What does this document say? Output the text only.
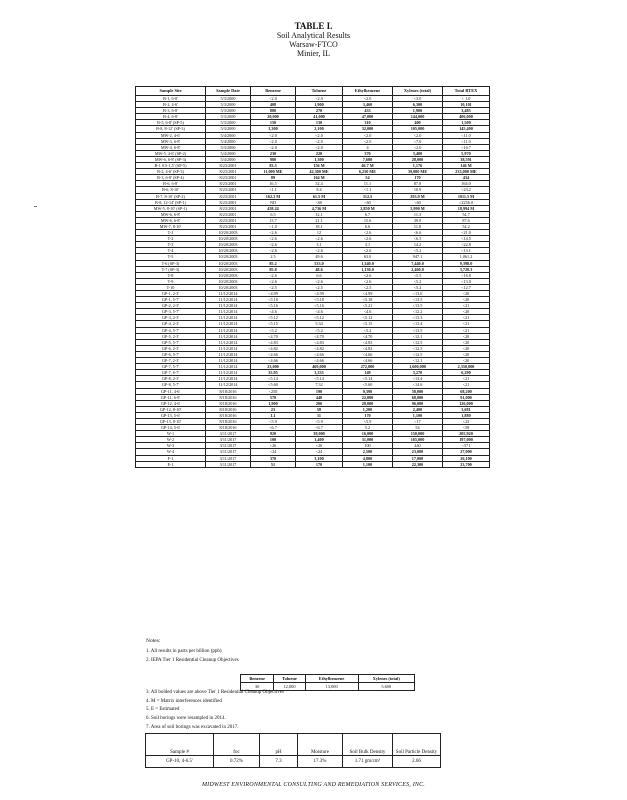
TABLE I.
Soil Analytical Results
Warsaw-FTCO
Minier, IL
Sample Site	Sample Date	Benzene	Toluene	Ethylbenzene	Xylenes (total)	Total BTEX
B-1, 6-8'	5/3/2000	<2.0	<2.0	<2.0	<3.0	< 1.0
B-2, 4-6'	5/3/2000	408	1,900	3,460	6,300	10,101
B-3, 6-8'	5/3/2000	880	270	433	1,900	3,485
B-4, 6-8'	5/3/2000	20,000	41,000	47,000	144,000	406,000
B-5, 6-8' (SP-5)	5/3/2000	150	130	310	400	1,500
B-8, 8-12' (SP-3)	5/3/2000	3,300	2,100	32,000	105,000	145,400
MW-2, 4-6'	5/4/2000	<2.0	<2.0	<2.0	<2.0	<11.0
MW-3, 6-8'	5/4/2000	<2.0	<2.0	<2.0	<7.0	<11.0
MW-4, 6-8'	5/3/2000	<2.0	<2.0	4	<2.0	<16.7
MW-5, 4-6' (SP-2)	5/4/2000	230	220	370	3,400	5,970
MW-6, 6-8' (SP-3)	5/4/2000	980	1,300	7,600	28,000	38,591
B-1 0.5-1.5' (SP-5)	8/23/2001	83.5	156 M	46.7 M	1,176	146 M
B-2, 4-6' (SP-3)	8/23/2001	11,000 ME	42,300 ME	6,250 ME	39,000 ME	233,000 ME
B-3, 6-8' (SP-4)	8/23/2001	89	164 M	54	170	434
B-6, 6-8'	8/23/2001	16.5	52.4	11.1	87.8	164.0
B-6, 8-10'	8/23/2001	<1.1	8.4	<1.1	10.9	<23.2
B-7, 8-10' (SP-2)	8/23/2001	162.3 M	61.5 M	312.5	293.9 M	1011.5 M
B-8, 12-14' (SP-1)	8/23/2001	ND	<60	<60	<60	<2256.0
MW-5, 8-10' (SP-1)	8/23/2001	458.24	4,736 M	2,850 M	5,990 M	18,994 M
MW-6, 6-8'	8/23/2001	6.5	12.1	6.7	11.3	54.7
MW-6, 6-8'	8/23/2001	13.7	21.1	15.6	39.0	87.6
MW-7, 8-10'	8/23/2001	<1.0	18.1	6.6	11.8	54.2
T-1	10/20/2003	<2.6	12	<2.6	<6.6	<21.0
T-2	10/20/2003	<2.6	<2.6	<2.6	<6.5	<14.5
T-3	10/20/2003	<2.6	3.1	3.1	14.2	<22.8
T-4	10/20/2003	<2.6	<2.6	<2.6	<5.2	<13.1
T-5	10/20/2003	2.5	49.6	63.0	947.1	1,061.2
T-6 (SP-3)	10/20/2003	85.2	533.0	1,340.0	7,440.0	9,398.0
T-7 (SP-3)	10/20/2003	85.8	48.6	1,130.0	2,460.0	3,728.3
T-8	10/20/2003	<2.6	6.6	<2.6	<5.5	<16.8
T-9	10/20/2003	<2.6	<2.6	<2.6	<5.2	<13.0
T-10	10/20/2003	<2.5	<2.5	<2.5	<5.2	<12.7
GP-1, 2-3'	11/12/2014	<4.99	<4.99	<4.99	<13.0	<20
GP-1, 5-7'	11/12/2014	<5.18	<5.18	<5.18	<13.5	<20
GP-2, 2-3'	11/12/2014	<5.16	<5.16	<5.21	<13.5	<21
GP-3, 5-7'	11/12/2014	<4.6	<4.6	<4.6	<12.2	<20
GP-3, 2-3'	11/12/2014	<5.12	<5.12	<5.12	<13.3	<21
GP-4, 2-3'	11/12/2014	<5.15	5.34	<5.15	<13.4	<21
GP-4, 5-7'	11/12/2014	<5.2	<5.2	<5.2	<13.5	<21
GP-5, 2-3'	11/12/2014	<4.70	<4.70	<4.70	<12.1	<20
GP-5, 5-7'	11/12/2014	<4.83	<4.83	<4.83	<12.5	<20
GP-6, 2-3'	11/12/2014	<4.82	<4.82	<4.82	<12.5	<20
GP-6, 5-7'	11/12/2014	<4.66	<4.66	<4.66	<12.5	<20
GP-7, 2-3'	11/12/2014	<4.66	<4.66	<4.66	<12.1	<20
GP-7, 5-7'	11/12/2014	23,000	469,000	272,000	1,600,000	2,350,000
GP-7, 6-7'	11/12/2014	35.95	3,335	149	3,270	6,290
GP-8, 2-3'	11/12/2014	<5.14	<5.14	<5.14	<13.4	<21
GP-8, 5-7'	11/12/2014	<5.60	7.32	<5.60	<14.6	<21
GP-11, 4-6'	8/18/2016	<250	190	9,390	58,000	68,200
GP-11, 6-9'	8/18/2016	570	440	22,000	68,000	91,000
GP-12, 4-6'	8/18/2016	1,900	200	28,000	96,000	126,000
GP-12, 8-10'	8/18/2016	23	58	1,200	2,400	3,681
GP-13, 5-6'	8/18/2016	1.1	11	170	1,100	1,880
GP-13, 8-10'	8/18/2016	<5.9	<5.9	<5.9	<17	<23
GP-14, 5-6'	8/18/2016	<6.7	<6.7	5.2	54	<58
W-1	3/11/2017	920	39,000	16,000	150,000	205,920
W-2	3/11/2017	100	1,400	31,000	165,000	197,000
W-3	3/11/2017	<26	<26	100	440	<571
W-4	3/11/2017	<24	<24	2,500	23,000	27,000
F-1	3/11/2017	370	3,100	4,800	17,000	26,100
E-1	3/11/2017	51	170	1,100	22,300	23,700
Notes:
1. All results in parts per billion (ppb)
2. IEPA Tier 1 Residential Cleanup Objectives
Benzene	Toluene	Ethylbenzene	Xylenes (total)
30	12,000	13,000	5,600
3. All bolded values are above Tier 1 Residential Cleanup Objectives
4. M = Matrix interferences identified
5. E = Estimated
6. Soil borings were resampled in 2014.
7. Area of soil borings was excavated in 2017.
Sample #	foc	pH	Moisture	Soil Bulk Density	Soil Particle Density
GP-10, 4-6.5'	0.72%	7.3	17.3%	1.71 gm/cm³	2.66
MIDWEST ENVIRONMENTAL CONSULTING AND REMEDIATION SERVICES, INC.
